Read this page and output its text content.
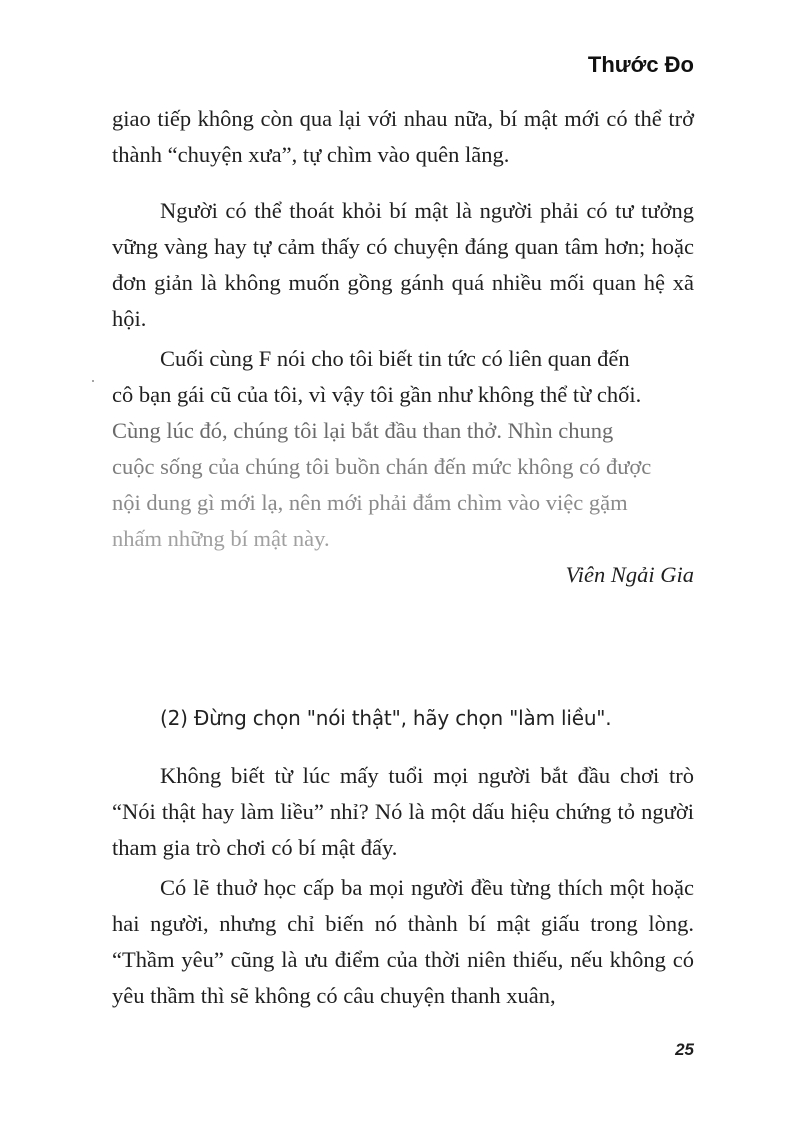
Thước Đo

giao tiếp không còn qua lại với nhau nữa, bí mật mới có thể trở thành “chuyện xưa”, tự chìm vào quên lãng.

Người có thể thoát khỏi bí mật là người phải có tư tưởng vững vàng hay tự cảm thấy có chuyện đáng quan tâm hơn; hoặc đơn giản là không muốn gồng gánh quá nhiều mối quan hệ xã hội.

Cuối cùng F nói cho tôi biết tin tức có liên quan đến

cô bạn gái cũ của tôi, vì vậy tôi gần như không thể từ chối.

Cùng lúc đó, chúng tôi lại bắt đầu than thở. Nhìn chung

cuộc sống của chúng tôi buồn chán đến mức không có được

nội dung gì mới lạ, nên mới phải đắm chìm vào việc gặm

nhấm những bí mật này.

Viên Ngải Gia
(2) Đừng chọn "nói thật", hãy chọn "làm liều".

Không biết từ lúc mấy tuổi mọi người bắt đầu chơi trò “Nói thật hay làm liều” nhỉ? Nó là một dấu hiệu chứng tỏ người tham gia trò chơi có bí mật đấy.

Có lẽ thuở học cấp ba mọi người đều từng thích một hoặc hai người, nhưng chỉ biến nó thành bí mật giấu trong lòng. “Thầm yêu” cũng là ưu điểm của thời niên thiếu, nếu không có yêu thầm thì sẽ không có câu chuyện thanh xuân,

25
